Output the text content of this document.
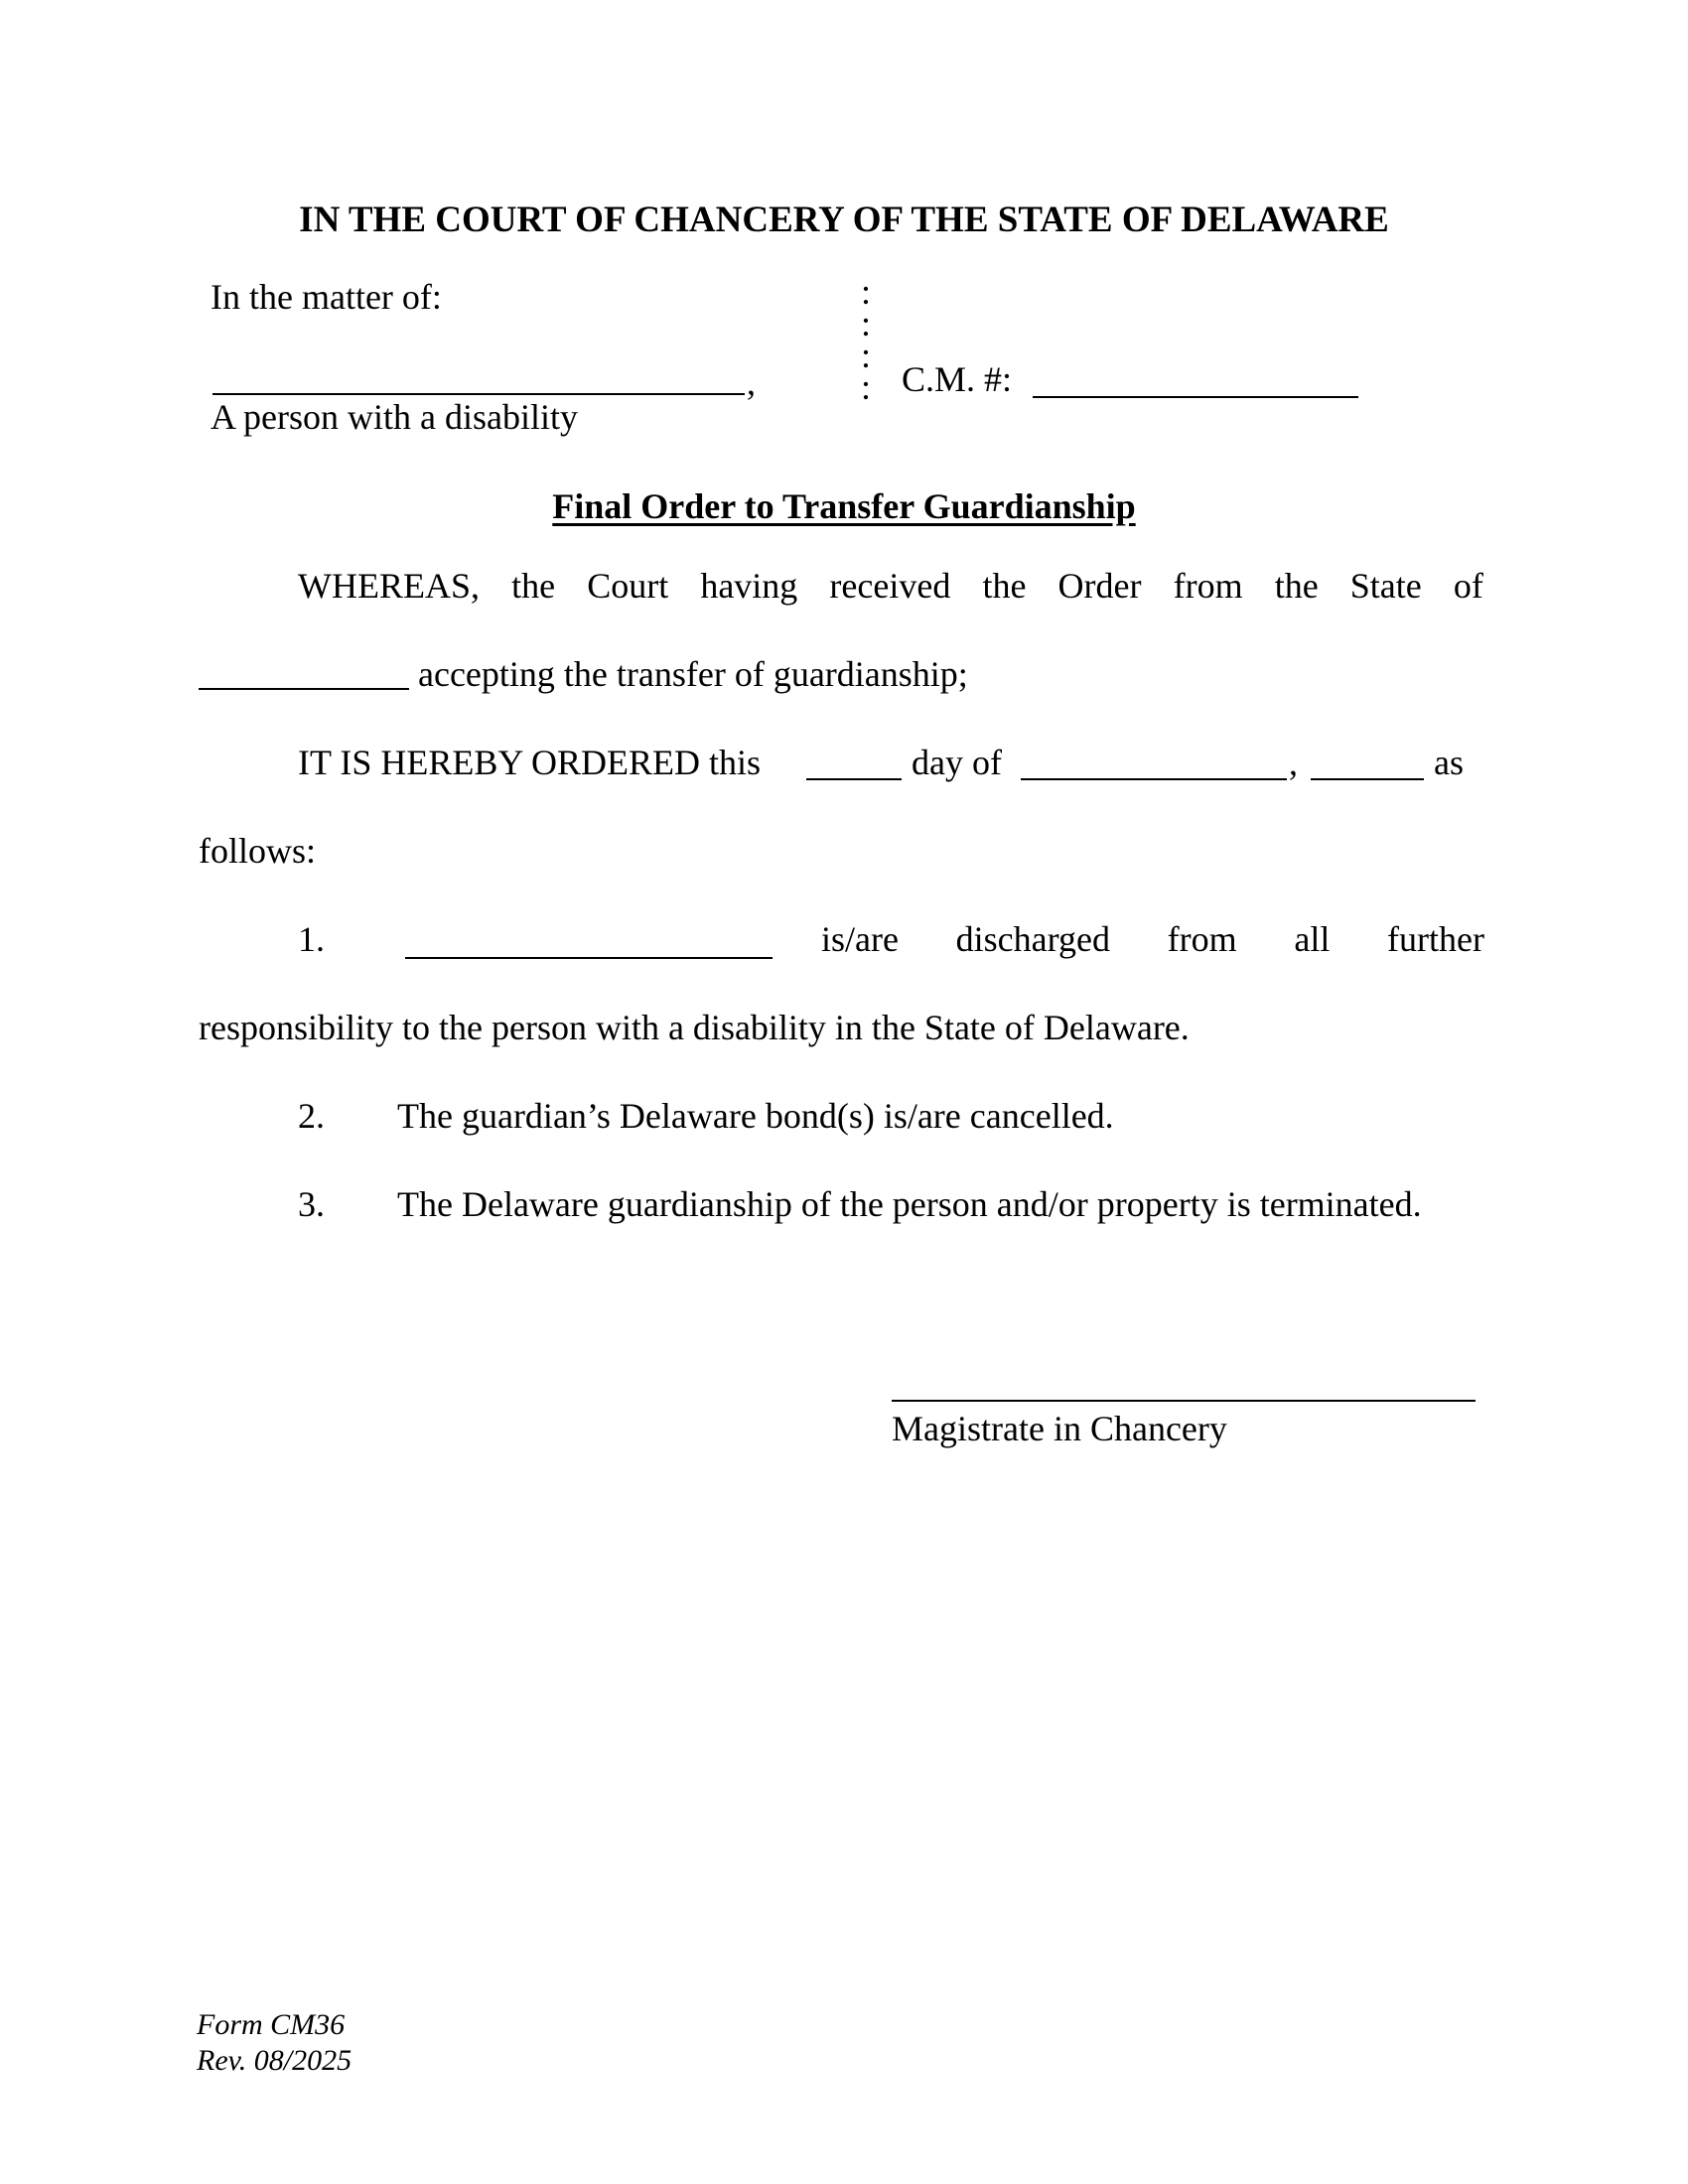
IN THE COURT OF CHANCERY OF THE STATE OF DELAWARE
In the matter of:
,
A person with a disability
:
:
:
: C.M. #:
Final Order to Transfer Guardianship
WHEREAS, the Court having received the Order from the State of
accepting the transfer of guardianship;
IT IS HEREBY ORDERED this	day of	,	as
follows:
1.	is/are discharged from all further
responsibility to the person with a disability in the State of Delaware.
2. The guardian’s Delaware bond(s) is/are cancelled.
3. The Delaware guardianship of the person and/or property is terminated.
Magistrate in Chancery
Form CM36
Rev. 08/2025
